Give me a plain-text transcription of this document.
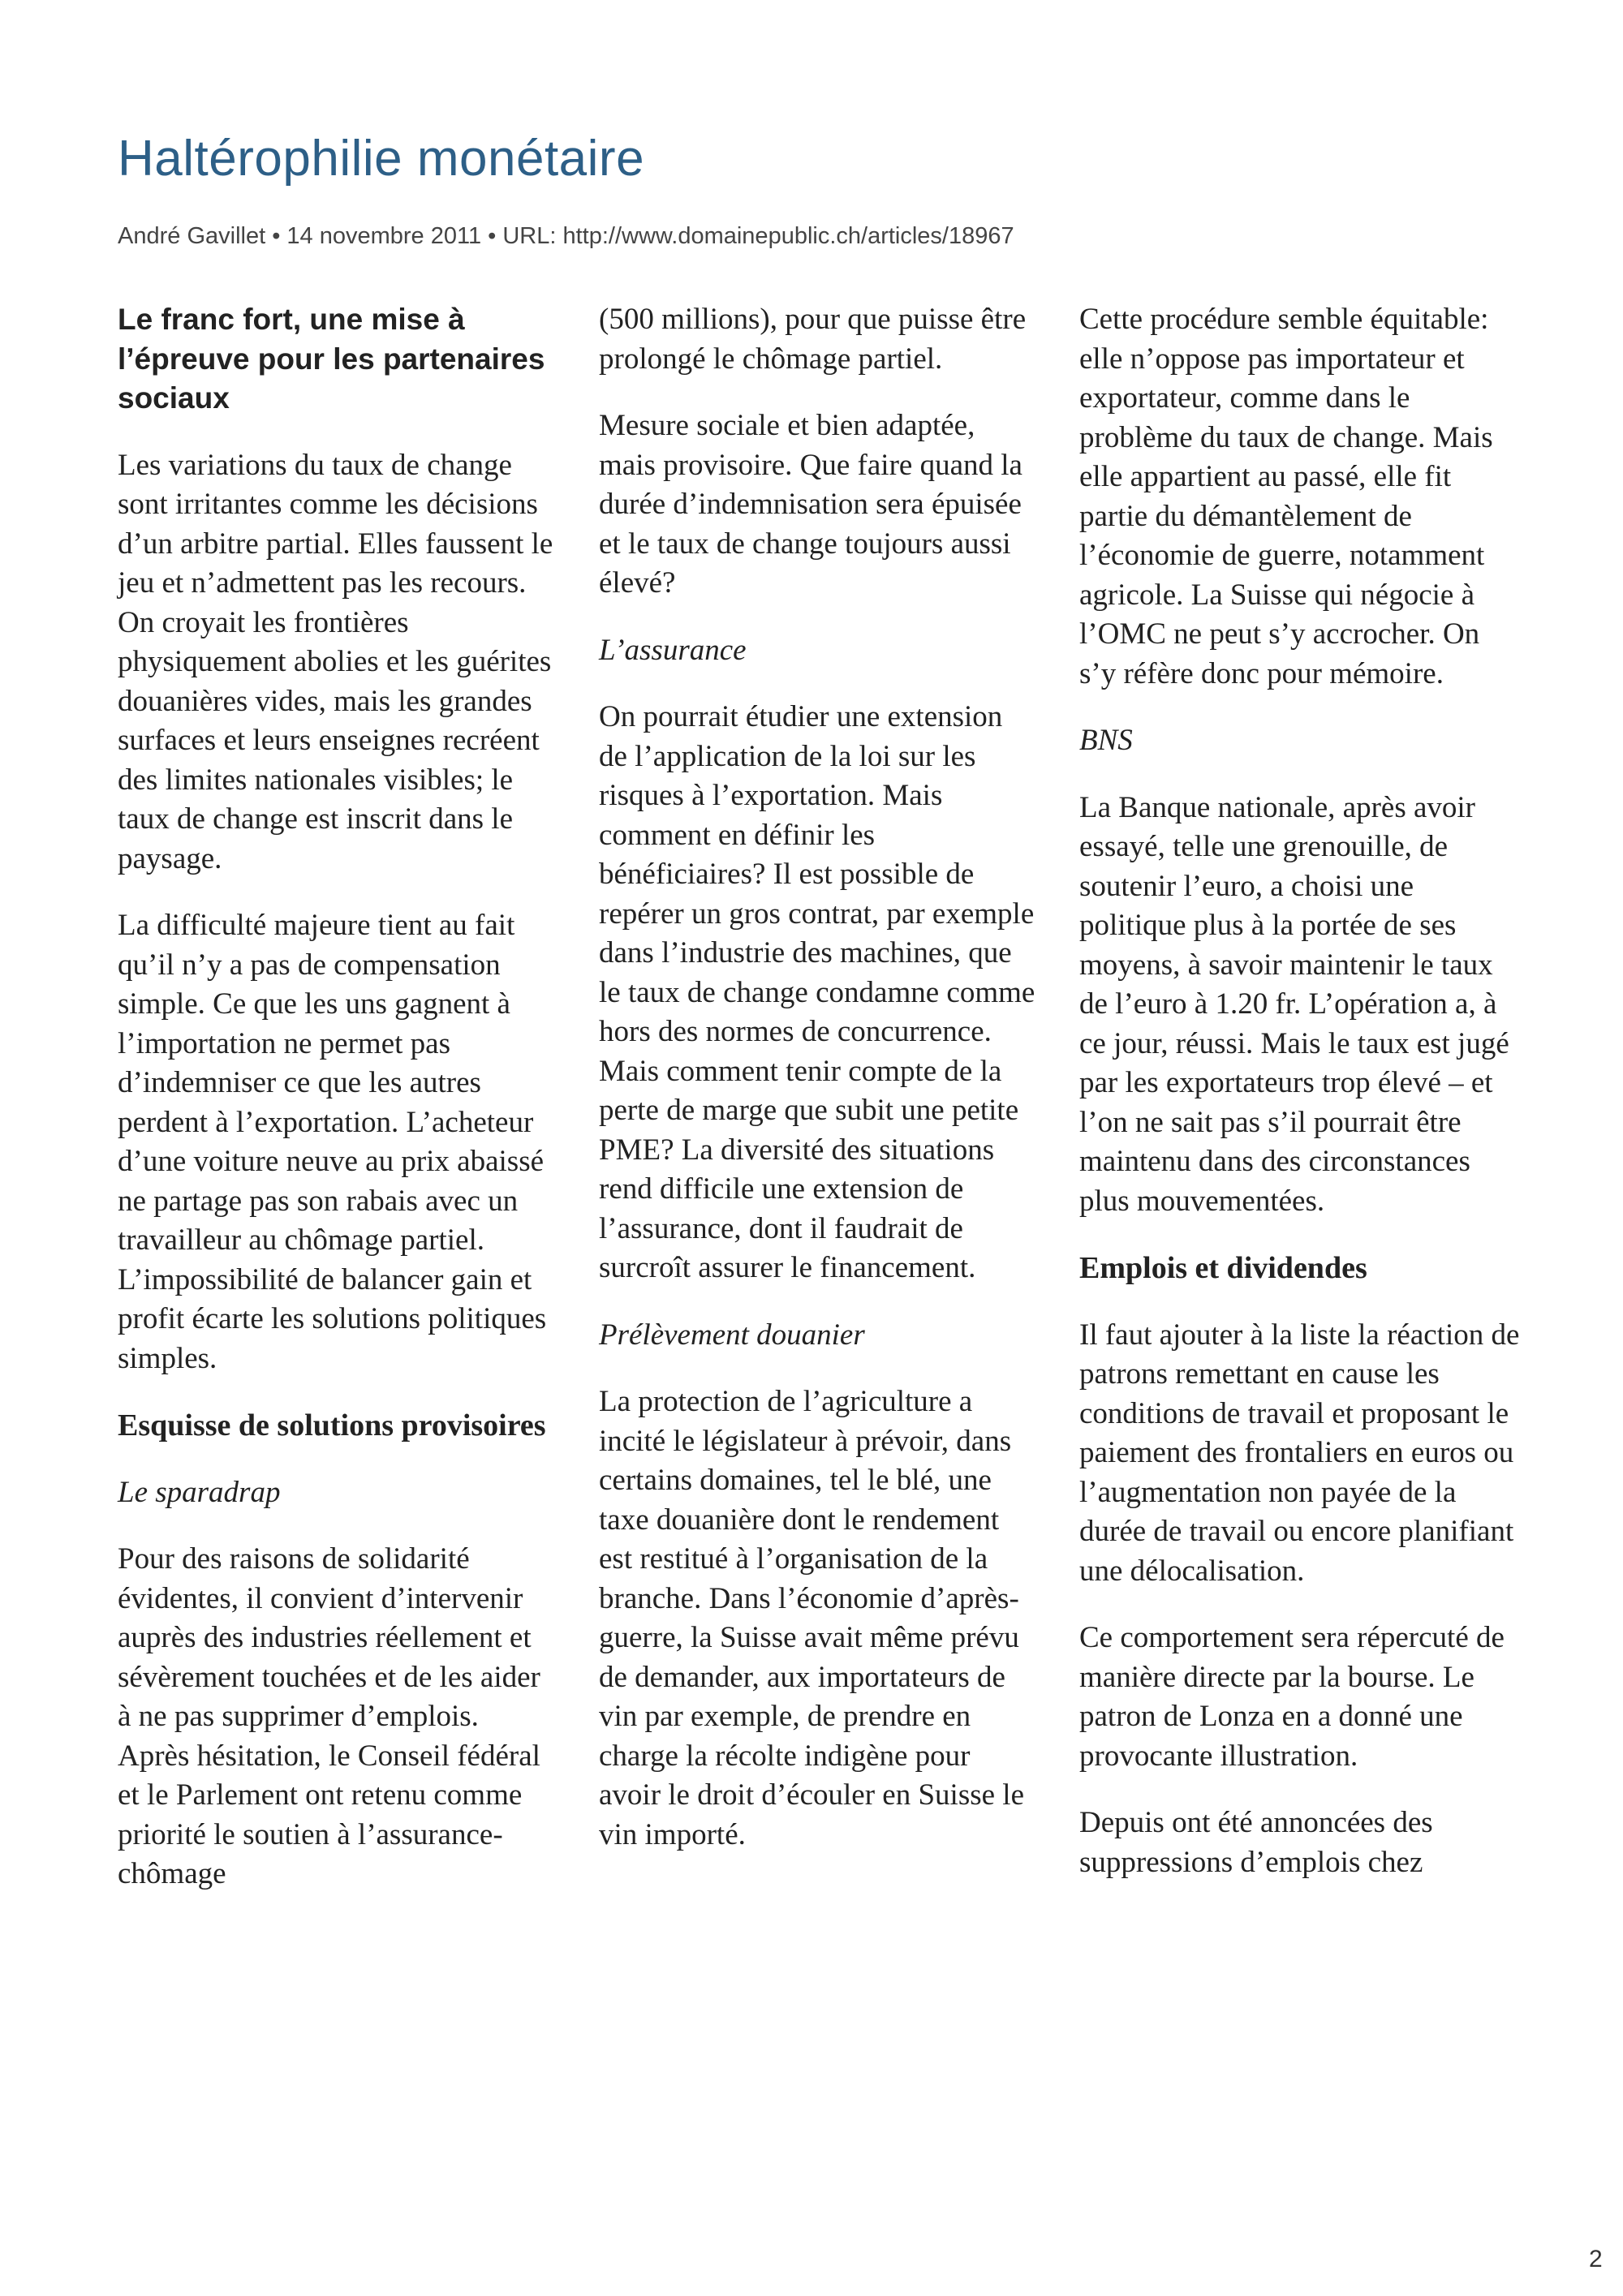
Haltérophilie monétaire
André Gavillet • 14 novembre 2011 • URL: http://www.domainepublic.ch/articles/18967
Le franc fort, une mise à l’épreuve pour les partenaires sociaux

Les variations du taux de change sont irritantes comme les décisions d’un arbitre partial. Elles faussent le jeu et n’admettent pas les recours. On croyait les frontières physiquement abolies et les guérites douanières vides, mais les grandes surfaces et leurs enseignes recréent des limites nationales visibles; le taux de change est inscrit dans le paysage.

La difficulté majeure tient au fait qu’il n’y a pas de compensation simple. Ce que les uns gagnent à l’importation ne permet pas d’indemniser ce que les autres perdent à l’exportation. L’acheteur d’une voiture neuve au prix abaissé ne partage pas son rabais avec un travailleur au chômage partiel. L’impossibilité de balancer gain et profit écarte les solutions politiques simples.

Esquisse de solutions provisoires
Le sparadrap

Pour des raisons de solidarité évidentes, il convient d’intervenir auprès des industries réellement et sévèrement touchées et de les aider à ne pas supprimer d’emplois. Après hésitation, le Conseil fédéral et le Parlement ont retenu comme priorité le soutien à l’assurance-chômage

(500 millions), pour que puisse être prolongé le chômage partiel.

Mesure sociale et bien adaptée, mais provisoire. Que faire quand la durée d’indemnisation sera épuisée et le taux de change toujours aussi élevé?

L’assurance

On pourrait étudier une extension de l’application de la loi sur les risques à l’exportation. Mais comment en définir les bénéficiaires? Il est possible de repérer un gros contrat, par exemple dans l’industrie des machines, que le taux de change condamne comme hors des normes de concurrence. Mais comment tenir compte de la perte de marge que subit une petite PME? La diversité des situations rend difficile une extension de l’assurance, dont il faudrait de surcroît assurer le financement.

Prélèvement douanier

La protection de l’agriculture a incité le législateur à prévoir, dans certains domaines, tel le blé, une taxe douanière dont le rendement est restitué à l’organisation de la branche. Dans l’économie d’après-guerre, la Suisse avait même prévu de demander, aux importateurs de vin par exemple, de prendre en charge la récolte indigène pour avoir le droit d’écouler en Suisse le vin importé.

Cette procédure semble équitable: elle n’oppose pas importateur et exportateur, comme dans le problème du taux de change. Mais elle appartient au passé, elle fit partie du démantèlement de l’économie de guerre, notamment agricole. La Suisse qui négocie à l’OMC ne peut s’y accrocher. On s’y réfère donc pour mémoire.

BNS

La Banque nationale, après avoir essayé, telle une grenouille, de soutenir l’euro, a choisi une politique plus à la portée de ses moyens, à savoir maintenir le taux de l’euro à 1.20 fr. L’opération a, à ce jour, réussi. Mais le taux est jugé par les exportateurs trop élevé – et l’on ne sait pas s’il pourrait être maintenu dans des circonstances plus mouvementées.

Emplois et dividendes

Il faut ajouter à la liste la réaction de patrons remettant en cause les conditions de travail et proposant le paiement des frontaliers en euros ou l’augmentation non payée de la durée de travail ou encore planifiant une délocalisation.

Ce comportement sera répercuté de manière directe par la bourse. Le patron de Lonza en a donné une provocante illustration.

Depuis ont été annoncées des suppressions d’emplois chez

2
